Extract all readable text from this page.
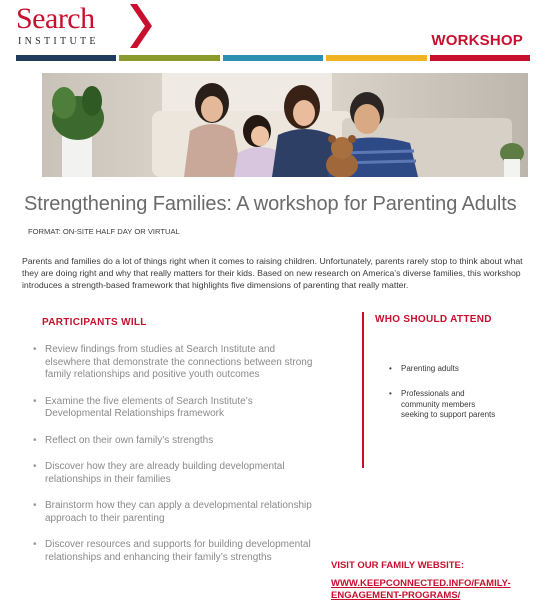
Search
INSTITUTE	WORKSHOP
Strengthening Families: A workshop for Parenting Adults
FORMAT: ON-SITE HALF DAY OR VIRTUAL

Parents and families do a lot of things right when it comes to raising children. Unfortunately, parents rarely stop to think about what they are doing right and why that really matters for their kids. Based on new research on America’s diverse families, this workshop introduces a strength-based framework that highlights five dimensions of parenting that really matter.

PARTICIPANTS WILL
• Review findings from studies at Search Institute and elsewhere that demonstrate the connections between strong family relationships and positive youth outcomes
• Examine the five elements of Search Institute’s Developmental Relationships framework
• Reflect on their own family’s strengths
• Discover how they are already building developmental relationships in their families
• Brainstorm how they can apply a developmental relationship approach to their parenting
• Discover resources and supports for building developmental relationships and enhancing their family’s strengths
WHO SHOULD ATTEND
• Parenting adults
• Professionals and community members seeking to support parents
VISIT OUR FAMILY WEBSITE:
WWW.KEEPCONNECTED.INFO/FAMILY-ENGAGEMENT-PROGRAMS/
